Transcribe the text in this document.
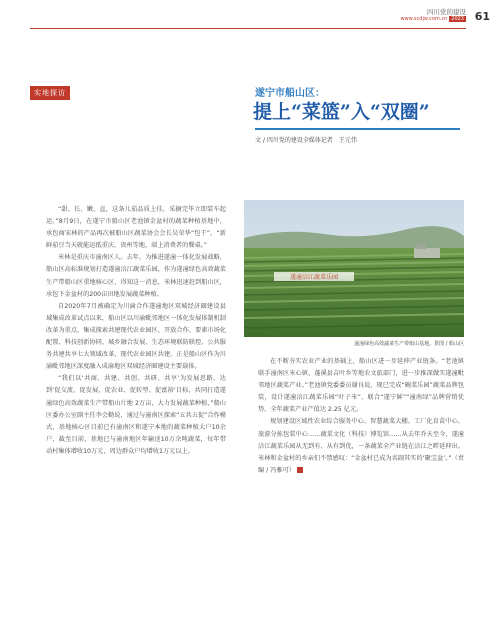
四川党的建设
www.scdjw.com.cn 2023 61
实地探访	遂宁市船山区：
提上“菜篮”入“双圈”
文 / 四川党的建设全媒体记者　王元伟
“甜、长、嫩、直，这条儿茄品质上佳，采摘完毕立即装车起运。”8月9日，在遂宁市船山区老池镇金盆村的蔬菜种植基地中，承包商宋林的产品再次被船山区蔬菜协会会长吴荣华“包干”，“新鲜茄豆当天就能运抵重庆、贵州等地，端上消费者的餐桌。”
米林是重庆市潼南区人。去年，为推进遂潼一体化发展战略，船山区高标准规划打造遂潼涪江蔬菜乐园，作为遂潼绿色高效蔬菜生产带船山区重地核心区，得知这一消息，米林迅速赶到船山区，承包下金盆村的200亩田地发展蔬菜种植。
自2020年7月被确定为川渝合作遂潼地区双城经济圈建设县域集成改革试点以来，船山区以川渝毗邻地区一体化发展体制机制改革为重点，集成探索共建现代农业园区、开放合作、要素市场化配置、科技创新协同、城乡融合发展、生态环境联防联控、公共服务共建共享七大领域改革，现代农业园区共建，正是船山区作为川渝毗邻地区深度融入成渝地区双城经济圈建设主要载体。
“我们以‘共商、共建、共创、共研、共享’为发展思路，达到‘促交流、促发展、促农业、促转型、促富裕’目标，共同打造遂潼绿色高效蔬菜生产带船山片地 2万亩，大力发展蔬菜种植，”船山区委办公室副主任李会勤说，通过与潼南区探索“五共五促”合作模式，基地核心区目前已有潼南区和遂宁本地的蔬菜种植大户10余户，截至目前，基地已与潼南地区年输送10万余吨蔬菜，每年带动村集体增收10万元，周边群众户均增收1万元以上。
遂潼涪江蔬菜乐园
遂潼绿色高效蔬菜生产带船山基地。供图 / 船山区
在不断夯实农业产业的基础上，船山区进一步延伸产业链条。“老池镇联手潼南区米心镇、蓬溪县吉叶乡等地农文旅部门，进一步推深做实遂潼毗邻地区蔬菜产业。”老池镇党委委员谢良说，现已完成“碗菜乐园”蔬菜品牌包装，设计遂潼涪江蔬菜乐园“叶子米”、联合“遂宁鲜”“潼南绿”品牌营销优势，全年蔬菜产业产值达 2.25 亿元。
规划建设区域性农业综合服务中心、智慧蔬菜大棚、工厂化育苗中心、旅游分拣包装中心……蔬菜文化（科技）博览馆……从去年乔天至今，遂潼涪江蔬菜乐园从无到有、从有到优，一条蔬菜全产业链在涪江之畔延伸出。米林和金盆村的乡亲们不禁感叹：“金盆村已成为名副其实的‘聚宝盆’。”（责编 / 冯雅可）
